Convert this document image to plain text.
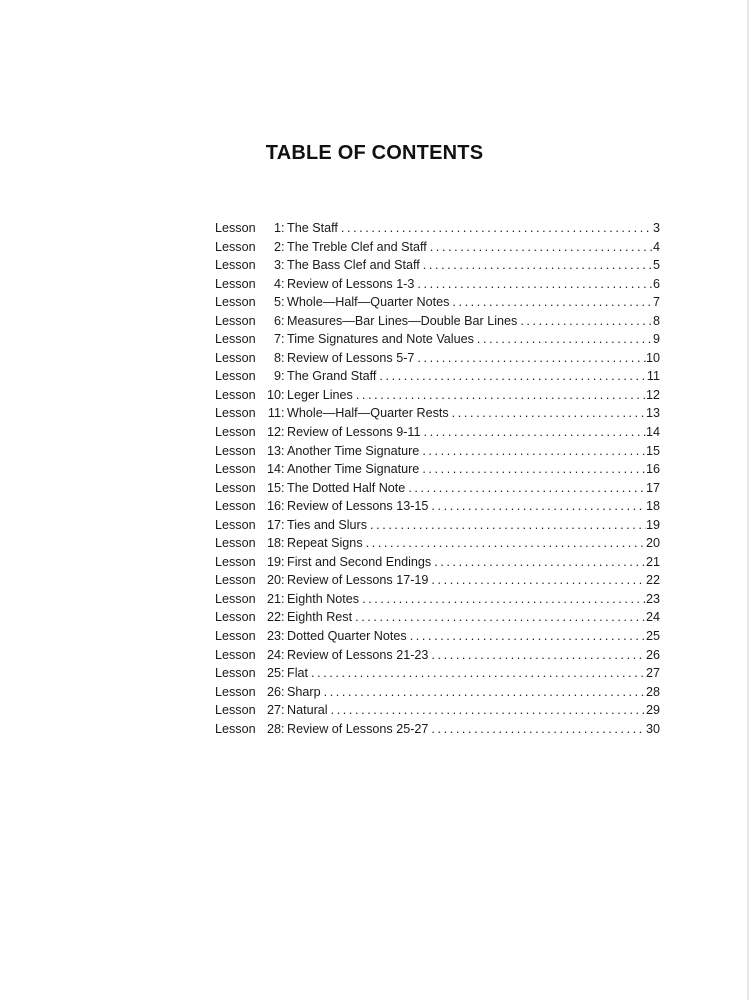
TABLE OF CONTENTS
Lesson	1 : The Staff .....	3
Lesson	2 : The Treble Clef and Staff .....	4
Lesson	3 : The Bass Clef and Staff .....	5
Lesson	4 : Review of Lessons 1-3 .....	6
Lesson	5 : Whole—Half—Quarter Notes .....	7
Lesson	6 : Measures—Bar Lines—Double Bar Lines .....	8
Lesson	7 : Time Signatures and Note Values .....	9
Lesson	8 : Review of Lessons 5-7 .....	10
Lesson	9 : The Grand Staff .....	11
Lesson 10 : Leger Lines .....	12
Lesson 11 : Whole—Half—Quarter Rests .....	13
Lesson 12 : Review of Lessons 9-11 .....	14
Lesson 13 : Another Time Signature .....	15
Lesson 14 : Another Time Signature .....	16
Lesson 15 : The Dotted Half Note .....	17
Lesson 16 : Review of Lessons 13-15 .....	18
Lesson 17 : Ties and Slurs .....	19
Lesson 18 : Repeat Signs .....	20
Lesson 19 : First and Second Endings .....	21
Lesson 20 : Review of Lessons 17-19 .....	22
Lesson 21 : Eighth Notes .....	23
Lesson 22 : Eighth Rest .....	24
Lesson 23 : Dotted Quarter Notes .....	25
Lesson 24 : Review of Lessons 21-23 .....	26
Lesson 25 : Flat .....	27
Lesson 26 : Sharp .....	28
Lesson 27 : Natural .....	29
Lesson 28 : Review of Lessons 25-27 .....	30
